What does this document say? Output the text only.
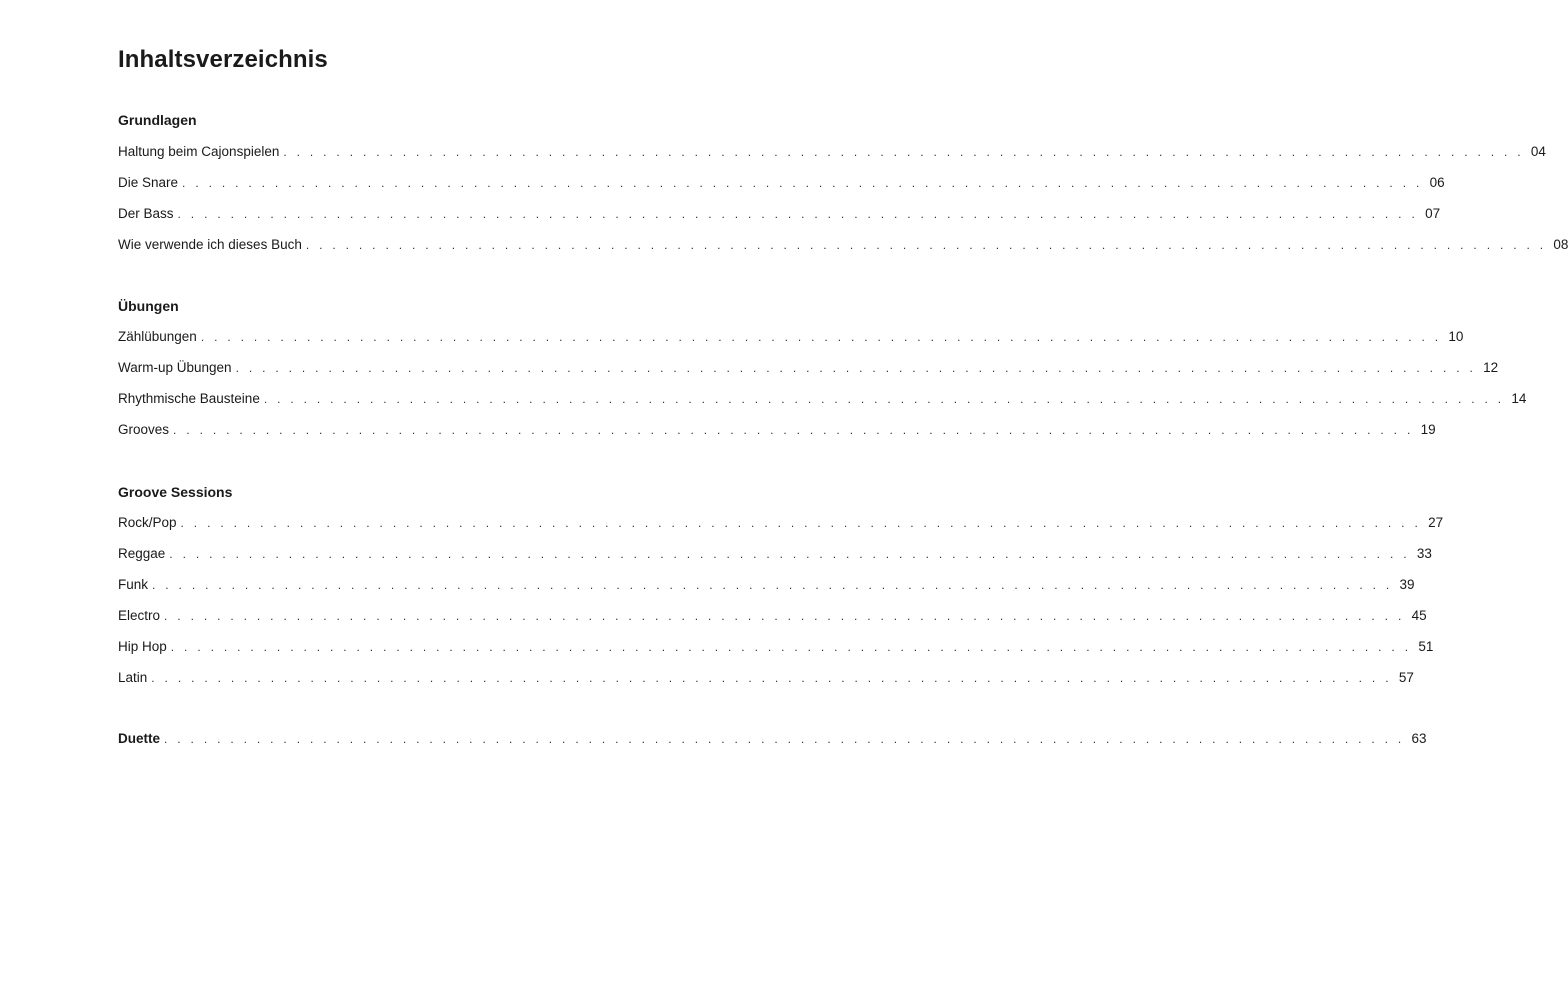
Inhaltsverzeichnis
Grundlagen
Haltung beim Cajonspielen . . . . . . . . . . . . . . . . . . . . . . . . . . . . . . . . . . . . . . . . . . . . . . . . . . . . . . . . . . . . . . . . . . . . . . . . . . . . . . . . . . . . . . . . . . . . . . 04
Die Snare . . . . . . . . . . . . . . . . . . . . . . . . . . . . . . . . . . . . . . . . . . . . . . . . . . . . . . . . . . . . . . . . . . . . . . . . . . . . . . . . . . . . . . . . . . . . . . 06
Der Bass . . . . . . . . . . . . . . . . . . . . . . . . . . . . . . . . . . . . . . . . . . . . . . . . . . . . . . . . . . . . . . . . . . . . . . . . . . . . . . . . . . . . . . . . . . . . . . 07
Wie verwende ich dieses Buch . . . . . . . . . . . . . . . . . . . . . . . . . . . . . . . . . . . . . . . . . . . . . . . . . . . . . . . . . . . . . . . . . . . . . . . . . . . . . . . . . . . . . . . . . . . . . . 08
Übungen
Zählübungen . . . . . . . . . . . . . . . . . . . . . . . . . . . . . . . . . . . . . . . . . . . . . . . . . . . . . . . . . . . . . . . . . . . . . . . . . . . . . . . . . . . . . . . . . . . . . . 10
Warm-up Übungen . . . . . . . . . . . . . . . . . . . . . . . . . . . . . . . . . . . . . . . . . . . . . . . . . . . . . . . . . . . . . . . . . . . . . . . . . . . . . . . . . . . . . . . . . . . . . . 12
Rhythmische Bausteine . . . . . . . . . . . . . . . . . . . . . . . . . . . . . . . . . . . . . . . . . . . . . . . . . . . . . . . . . . . . . . . . . . . . . . . . . . . . . . . . . . . . . . . . . . . . . . 14
Grooves . . . . . . . . . . . . . . . . . . . . . . . . . . . . . . . . . . . . . . . . . . . . . . . . . . . . . . . . . . . . . . . . . . . . . . . . . . . . . . . . . . . . . . . . . . . . . . 19
Groove Sessions
Rock/Pop . . . . . . . . . . . . . . . . . . . . . . . . . . . . . . . . . . . . . . . . . . . . . . . . . . . . . . . . . . . . . . . . . . . . . . . . . . . . . . . . . . . . . . . . . . . . . . 27
Reggae . . . . . . . . . . . . . . . . . . . . . . . . . . . . . . . . . . . . . . . . . . . . . . . . . . . . . . . . . . . . . . . . . . . . . . . . . . . . . . . . . . . . . . . . . . . . . . 33
Funk . . . . . . . . . . . . . . . . . . . . . . . . . . . . . . . . . . . . . . . . . . . . . . . . . . . . . . . . . . . . . . . . . . . . . . . . . . . . . . . . . . . . . . . . . . . . . . 39
Electro . . . . . . . . . . . . . . . . . . . . . . . . . . . . . . . . . . . . . . . . . . . . . . . . . . . . . . . . . . . . . . . . . . . . . . . . . . . . . . . . . . . . . . . . . . . . . . 45
Hip Hop . . . . . . . . . . . . . . . . . . . . . . . . . . . . . . . . . . . . . . . . . . . . . . . . . . . . . . . . . . . . . . . . . . . . . . . . . . . . . . . . . . . . . . . . . . . . . . 51
Latin . . . . . . . . . . . . . . . . . . . . . . . . . . . . . . . . . . . . . . . . . . . . . . . . . . . . . . . . . . . . . . . . . . . . . . . . . . . . . . . . . . . . . . . . . . . . . . 57
Duette . . . . . . . . . . . . . . . . . . . . . . . . . . . . . . . . . . . . . . . . . . . . . . . . . . . . . . . . . . . . . . . . . . . . . . . . . . . . . . . . . . . . . . . . . . . . . . 63
